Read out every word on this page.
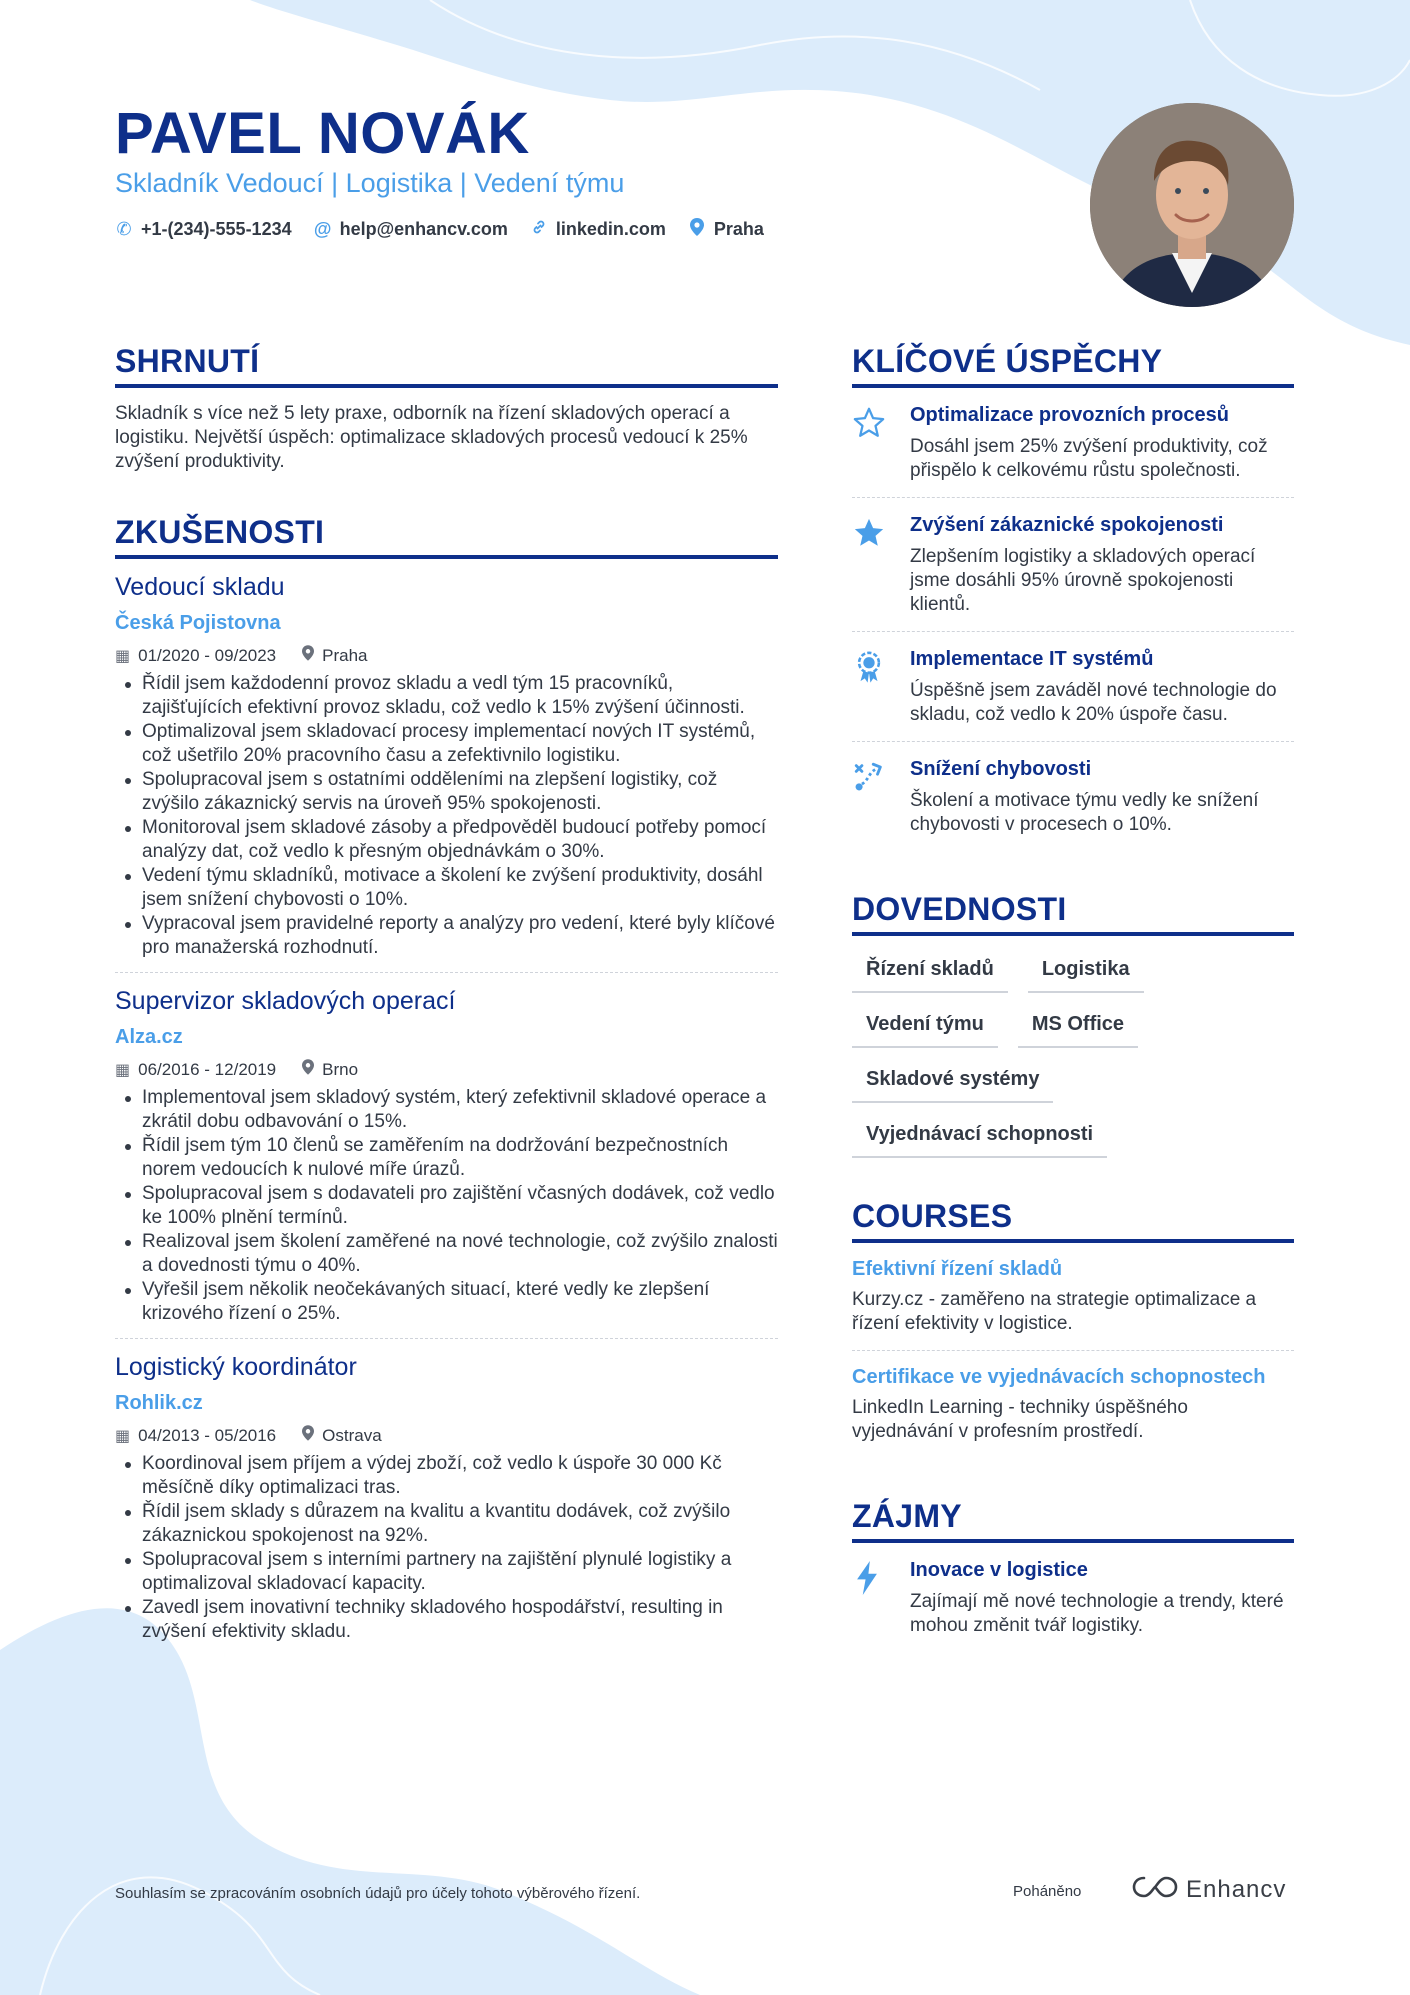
PAVEL NOVÁK
Skladník Vedoucí | Logistika | Vedení týmu
✆ +1-(234)-555-1234 @ help@enhancv.com	linkedin.com	Praha
SHRNUTÍ

Skladník s více než 5 lety praxe, odborník na řízení skladových operací a logistiku. Největší úspěch: optimalizace skladových procesů vedoucí k 25% zvýšení produktivity.

ZKUŠENOSTI
Vedoucí skladu
Česká Pojistovna
▦ 01/2020 - 09/2023	Praha
Řídil jsem každodenní provoz skladu a vedl tým 15 pracovníků, zajišťujících efektivní provoz skladu, což vedlo k 15% zvýšení účinnosti.
Optimalizoval jsem skladovací procesy implementací nových IT systémů, což ušetřilo 20% pracovního času a zefektivnilo logistiku.
Spolupracoval jsem s ostatními odděleními na zlepšení logistiky, což zvýšilo zákaznický servis na úroveň 95% spokojenosti.
Monitoroval jsem skladové zásoby a předpověděl budoucí potřeby pomocí analýzy dat, což vedlo k přesným objednávkám o 30%.
Vedení týmu skladníků, motivace a školení ke zvýšení produktivity, dosáhl jsem snížení chybovosti o 10%.
Vypracoval jsem pravidelné reporty a analýzy pro vedení, které byly klíčové pro manažerská rozhodnutí.
Supervizor skladových operací
Alza.cz
▦ 06/2016 - 12/2019	Brno
Implementoval jsem skladový systém, který zefektivnil skladové operace a zkrátil dobu odbavování o 15%.
Řídil jsem tým 10 členů se zaměřením na dodržování bezpečnostních norem vedoucích k nulové míře úrazů.
Spolupracoval jsem s dodavateli pro zajištění včasných dodávek, což vedlo ke 100% plnění termínů.
Realizoval jsem školení zaměřené na nové technologie, což zvýšilo znalosti a dovednosti týmu o 40%.
Vyřešil jsem několik neočekávaných situací, které vedly ke zlepšení krizového řízení o 25%.
Logistický koordinátor
Rohlik.cz
▦ 04/2013 - 05/2016	Ostrava
Koordinoval jsem příjem a výdej zboží, což vedlo k úspoře 30 000 Kč měsíčně díky optimalizaci tras.
Řídil jsem sklady s důrazem na kvalitu a kvantitu dodávek, což zvýšilo zákaznickou spokojenost na 92%.
Spolupracoval jsem s interními partnery na zajištění plynulé logistiky a optimalizoval skladovací kapacity.
Zavedl jsem inovativní techniky skladového hospodářství, resulting in zvýšení efektivity skladu.
KLÍČOVÉ ÚSPĚCHY
Optimalizace provozních procesů
Dosáhl jsem 25% zvýšení produktivity, což přispělo k celkovému růstu společnosti.
Zvýšení zákaznické spokojenosti
Zlepšením logistiky a skladových operací jsme dosáhli 95% úrovně spokojenosti klientů.
Implementace IT systémů
Úspěšně jsem zaváděl nové technologie do skladu, což vedlo k 20% úspoře času.
Snížení chybovosti
Školení a motivace týmu vedly ke snížení chybovosti v procesech o 10%.
DOVEDNOSTI
Řízení skladů	Logistika
Vedení týmu	MS Office
Skladové systémy
Vyjednávací schopnosti
COURSES
Efektivní řízení skladů
Kurzy.cz - zaměřeno na strategie optimalizace a řízení efektivity v logistice.
Certifikace ve vyjednávacích schopnostech
LinkedIn Learning - techniky úspěšného vyjednávání v profesním prostředí.
ZÁJMY
Inovace v logistice
Zajímají mě nové technologie a trendy, které mohou změnit tvář logistiky.
Souhlasím se zpracováním osobních údajů pro účely tohoto výběrového řízení.	Poháněno	Enhancv
